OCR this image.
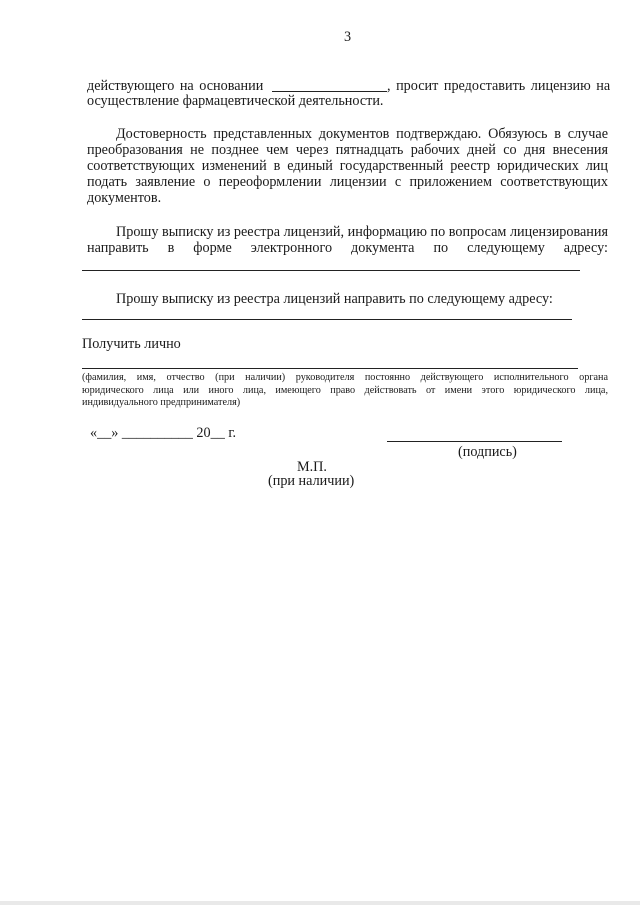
3
действующего на основании	, просит предоставить лицензию на
осуществление фармацевтической деятельности.
Достоверность представленных документов подтверждаю. Обязуюсь в случае
преобразования не позднее чем через пятнадцать рабочих дней со дня внесения
соответствующих изменений в единый государственный реестр юридических лиц
подать заявление о переоформлении лицензии с приложением соответствующих
документов.
Прошу выписку из реестра лицензий, информацию по вопросам лицензирования
направить в форме электронного документа по следующему адресу:
Прошу выписку из реестра лицензий направить по следующему адресу:
Получить лично
(фамилия, имя, отчество (при наличии) руководителя постоянно действующего исполнительного органа
юридического лица или иного лица, имеющего право действовать от имени этого юридического лица,
индивидуального предпринимателя)
«__» __________ 20__ г.
(подпись)
М.П.
(при наличии)
